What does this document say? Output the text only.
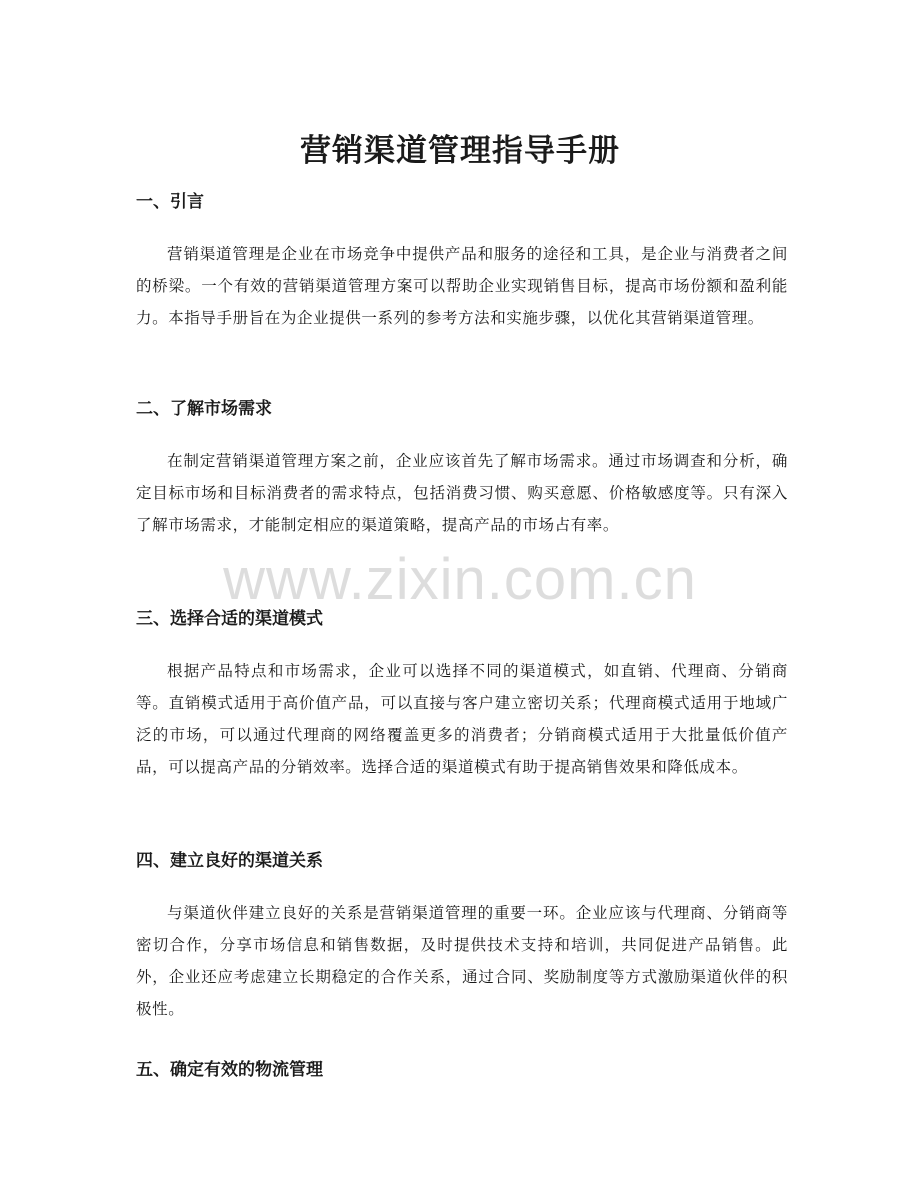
营销渠道管理指导手册
一、引言

营销渠道管理是企业在市场竞争中提供产品和服务的途径和工具，是企业与消费者之间的桥梁。一个有效的营销渠道管理方案可以帮助企业实现销售目标，提高市场份额和盈利能力。本指导手册旨在为企业提供一系列的参考方法和实施步骤，以优化其营销渠道管理。

二、了解市场需求

在制定营销渠道管理方案之前，企业应该首先了解市场需求。通过市场调查和分析，确定目标市场和目标消费者的需求特点，包括消费习惯、购买意愿、价格敏感度等。只有深入了解市场需求，才能制定相应的渠道策略，提高产品的市场占有率。

三、选择合适的渠道模式

根据产品特点和市场需求，企业可以选择不同的渠道模式，如直销、代理商、分销商等。直销模式适用于高价值产品，可以直接与客户建立密切关系；代理商模式适用于地域广泛的市场，可以通过代理商的网络覆盖更多的消费者；分销商模式适用于大批量低价值产品，可以提高产品的分销效率。选择合适的渠道模式有助于提高销售效果和降低成本。

四、建立良好的渠道关系

与渠道伙伴建立良好的关系是营销渠道管理的重要一环。企业应该与代理商、分销商等密切合作，分享市场信息和销售数据，及时提供技术支持和培训，共同促进产品销售。此外，企业还应考虑建立长期稳定的合作关系，通过合同、奖励制度等方式激励渠道伙伴的积极性。

五、确定有效的物流管理
www.zixin.com.cn
